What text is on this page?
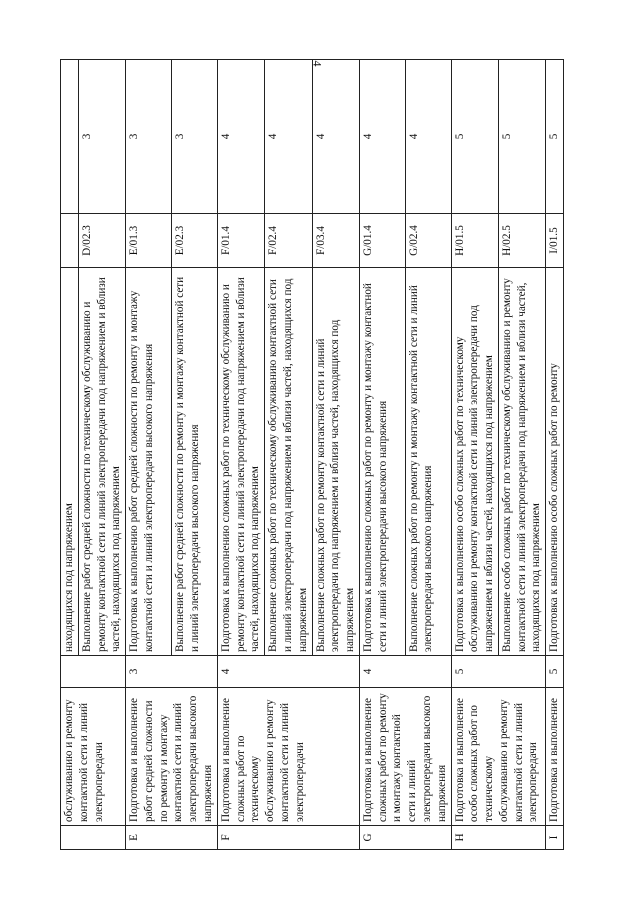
4
	обслуживанию и ремонту контактной сети и линий электропередачи		находящихся под напряжением		
			Выполнение работ средней сложности по техническому обслуживанию и ремонту контактной сети и линий электропередачи под напряжением и вблизи частей, находящихся под напряжением	D/02.3	3
E	Подготовка и выполнение работ средней сложности по ремонту и монтажу контактной сети и линий электропередачи высокого напряжения	3	Подготовка к выполнению работ средней сложности по ремонту и монтажу контактной сети и линий электропередачи высокого напряжения	E/01.3	3
			Выполнение работ средней сложности по ремонту и монтажу контактной сети и линий электропередачи высокого напряжения	E/02.3	3
F	Подготовка и выполнение сложных работ по техническому обслуживанию и ремонту контактной сети и линий электропередачи	4	Подготовка к выполнению сложных работ по техническому обслуживанию и ремонту контактной сети и линий электропередачи под напряжением и вблизи частей, находящихся под напряжением	F/01.4	4
			Выполнение сложных работ по техническому обслуживанию контактной сети и линий электропередачи под напряжением и вблизи частей, находящихся под напряжением	F/02.4	4
			Выполнение сложных работ по ремонту контактной сети и линий электропередачи под напряжением и вблизи частей, находящихся под напряжением	F/03.4	4
G	Подготовка и выполнение сложных работ по ремонту и монтажу контактной сети и линий электропередачи высокого напряжения	4	Подготовка к выполнению сложных работ по ремонту и монтажу контактной сети и линий электропередачи высокого напряжения	G/01.4	4
			Выполнение сложных работ по ремонту и монтажу контактной сети и линий электропередачи высокого напряжения	G/02.4	4
H	Подготовка и выполнение особо сложных работ по техническому обслуживанию и ремонту контактной сети и линий электропередачи	5	Подготовка к выполнению особо сложных работ по техническому обслуживанию и ремонту контактной сети и линий электропередачи под напряжением и вблизи частей, находящихся под напряжением	H/01.5	5
			Выполнение особо сложных работ по техническому обслуживанию и ремонту контактной сети и линий электропередачи под напряжением и вблизи частей, находящихся под напряжением	H/02.5	5
I	Подготовка и выполнение	5	Подготовка к выполнению особо сложных работ по ремонту	I/01.5	5
